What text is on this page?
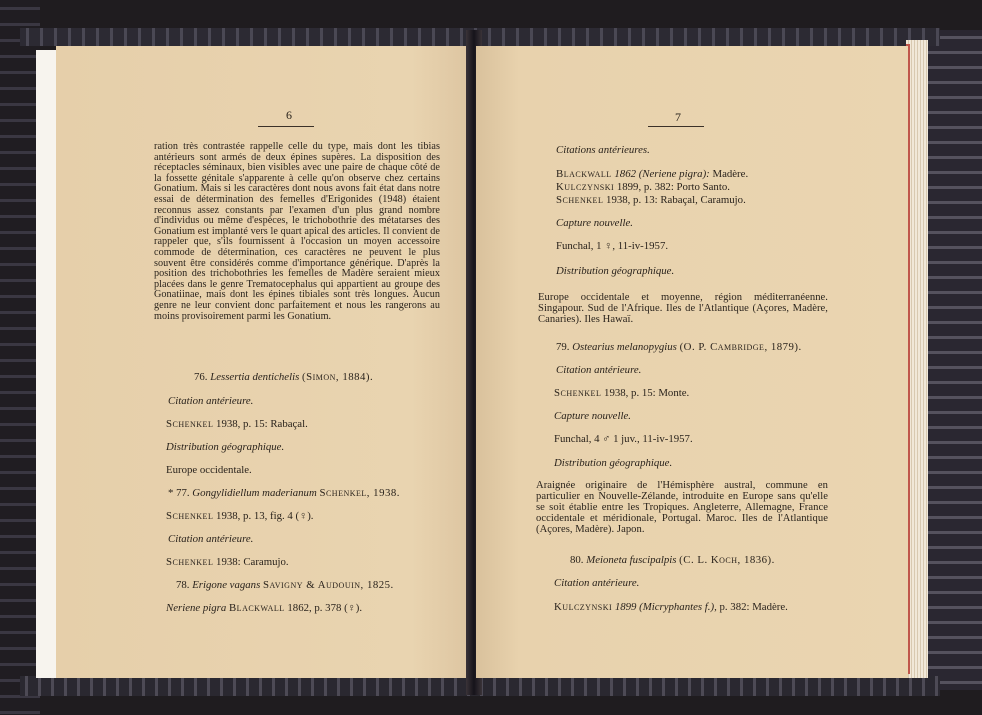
6
ration très contrastée rappelle celle du type, mais dont les tibias antérieurs sont armés de deux épines supères. La disposition des réceptacles séminaux, bien visibles avec une paire de chaque côté de la fossette génitale s'apparente à celle qu'on observe chez certains Gonatium. Mais si les caractères dont nous avons fait état dans notre essai de détermination des femelles d'Erigonides (1948) étaient reconnus assez constants par l'examen d'un plus grand nombre d'individus ou même d'espèces, le trichobothrie des métatarses des Gonatium est implanté vers le quart apical des articles. Il convient de rappeler que, s'ils fournissent à l'occasion un moyen accessoire commode de détermination, ces caractères ne peuvent le plus souvent être considérés comme d'importance générique. D'après la position des trichobothries les femelles de Madère seraient mieux placées dans le genre Trematocephalus qui appartient au groupe des Gonatiinae, mais dont les épines tibiales sont très longues. Aucun genre ne leur convient donc parfaitement et nous les rangerons au moins provisoirement parmi les Gonatium.
76. Lessertia dentichelis (Simon, 1884).
Citation antérieure.
Schenkel 1938, p. 15: Rabaçal.
Distribution géographique.
Europe occidentale.
* 77. Gongylidiellum maderianum Schenkel, 1938.
Schenkel 1938, p. 13, fig. 4 (♀).
Citation antérieure.
Schenkel 1938: Caramujo.
78. Erigone vagans Savigny & Audouin, 1825.
Neriene pigra Blackwall 1862, p. 378 (♀).
7
Citations antérieures.
Blackwall 1862 (Neriene pigra): Madère.
Kulczynski 1899, p. 382: Porto Santo.
Schenkel 1938, p. 13: Rabaçal, Caramujo.
Capture nouvelle.
Funchal, 1 ♀, 11-iv-1957.
Distribution géographique.
Europe occidentale et moyenne, région méditerranéenne. Singapour. Sud de l'Afrique. Iles de l'Atlantique (Açores, Madère, Canaries). Iles Hawaï.
79. Ostearius melanopygius (O. P. Cambridge, 1879).
Citation antérieure.
Schenkel 1938, p. 15: Monte.
Capture nouvelle.
Funchal, 4 ♂ 1 juv., 11-iv-1957.
Distribution géographique.
Araignée originaire de l'Hémisphère austral, commune en particulier en Nouvelle-Zélande, introduite en Europe sans qu'elle se soit établie entre les Tropiques. Angleterre, Allemagne, France occidentale et méridionale, Portugal. Maroc. Iles de l'Atlantique (Açores, Madère). Japon.
80. Meioneta fuscipalpis (C. L. Koch, 1836).
Citation antérieure.
Kulczynski 1899 (Micryphantes f.), p. 382: Madère.
